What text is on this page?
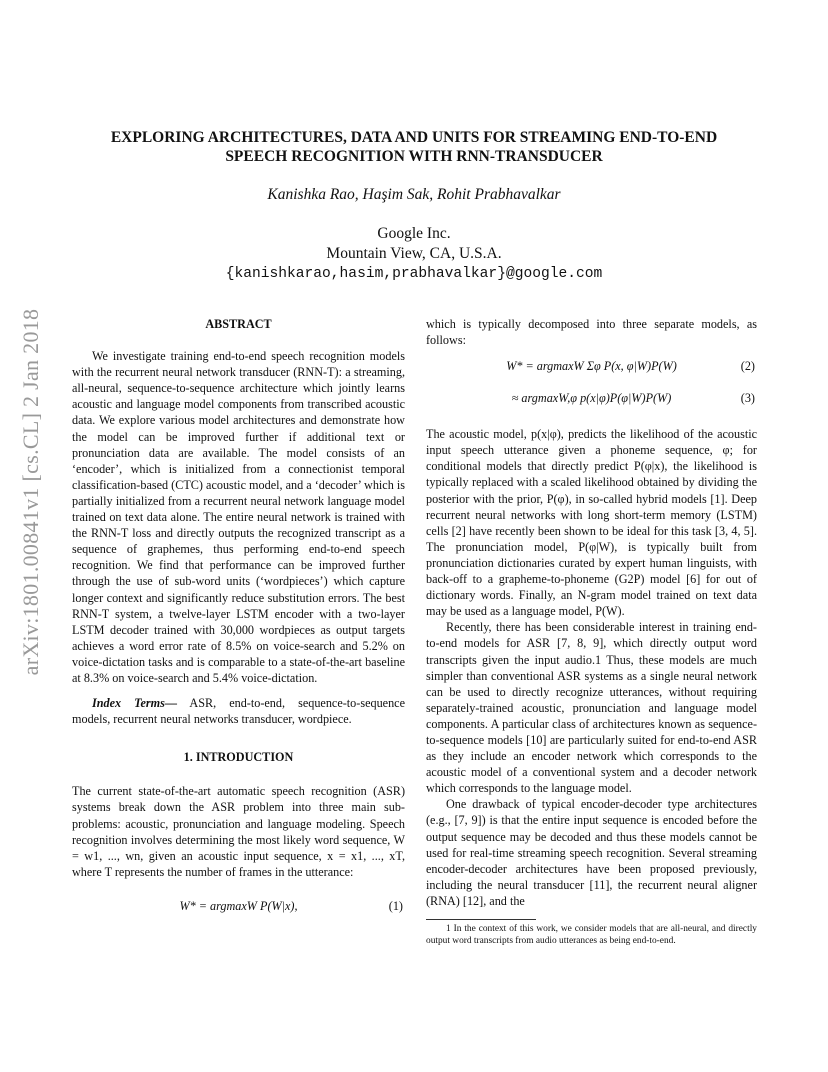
arXiv:1801.00841v1 [cs.CL] 2 Jan 2018
EXPLORING ARCHITECTURES, DATA AND UNITS FOR STREAMING END-TO-END SPEECH RECOGNITION WITH RNN-TRANSDUCER
Kanishka Rao, Haşim Sak, Rohit Prabhavalkar
Google Inc.
Mountain View, CA, U.S.A.
{kanishkarao,hasim,prabhavalkar}@google.com
ABSTRACT

We investigate training end-to-end speech recognition models with the recurrent neural network transducer (RNN-T): a streaming, all-neural, sequence-to-sequence architecture which jointly learns acoustic and language model components from transcribed acoustic data. We explore various model architectures and demonstrate how the model can be improved further if additional text or pronunciation data are available. The model consists of an ‘encoder’, which is initialized from a connectionist temporal classification-based (CTC) acoustic model, and a ‘decoder’ which is partially initialized from a recurrent neural network language model trained on text data alone. The entire neural network is trained with the RNN-T loss and directly outputs the recognized transcript as a sequence of graphemes, thus performing end-to-end speech recognition. We find that performance can be improved further through the use of sub-word units (‘wordpieces’) which capture longer context and significantly reduce substitution errors. The best RNN-T system, a twelve-layer LSTM encoder with a two-layer LSTM decoder trained with 30,000 wordpieces as output targets achieves a word error rate of 8.5% on voice-search and 5.2% on voice-dictation tasks and is comparable to a state-of-the-art baseline at 8.3% on voice-search and 5.4% voice-dictation.

Index Terms— ASR, end-to-end, sequence-to-sequence models, recurrent neural networks transducer, wordpiece.

1. INTRODUCTION

The current state-of-the-art automatic speech recognition (ASR) systems break down the ASR problem into three main sub-problems: acoustic, pronunciation and language modeling. Speech recognition involves determining the most likely word sequence, W = w1, ..., wn, given an acoustic input sequence, x = x1, ..., xT, where T represents the number of frames in the utterance:

W* = argmaxW P(W|x),	(1)

which is typically decomposed into three separate models, as follows:

W* = argmaxW Σφ P(x, φ|W)P(W)	(2)
≈ argmaxW,φ p(x|φ)P(φ|W)P(W)	(3)

The acoustic model, p(x|φ), predicts the likelihood of the acoustic input speech utterance given a phoneme sequence, φ; for conditional models that directly predict P(φ|x), the likelihood is typically replaced with a scaled likelihood obtained by dividing the posterior with the prior, P(φ), in so-called hybrid models [1]. Deep recurrent neural networks with long short-term memory (LSTM) cells [2] have recently been shown to be ideal for this task [3, 4, 5]. The pronunciation model, P(φ|W), is typically built from pronunciation dictionaries curated by expert human linguists, with back-off to a grapheme-to-phoneme (G2P) model [6] for out of dictionary words. Finally, an N-gram model trained on text data may be used as a language model, P(W).

Recently, there has been considerable interest in training end-to-end models for ASR [7, 8, 9], which directly output word transcripts given the input audio.1 Thus, these models are much simpler than conventional ASR systems as a single neural network can be used to directly recognize utterances, without requiring separately-trained acoustic, pronunciation and language model components. A particular class of architectures known as sequence-to-sequence models [10] are particularly suited for end-to-end ASR as they include an encoder network which corresponds to the acoustic model of a conventional system and a decoder network which corresponds to the language model.

One drawback of typical encoder-decoder type architectures (e.g., [7, 9]) is that the entire input sequence is encoded before the output sequence may be decoded and thus these models cannot be used for real-time streaming speech recognition. Several streaming encoder-decoder architectures have been proposed previously, including the neural transducer [11], the recurrent neural aligner (RNA) [12], and the

1 In the context of this work, we consider models that are all-neural, and directly output word transcripts from audio utterances as being end-to-end.
